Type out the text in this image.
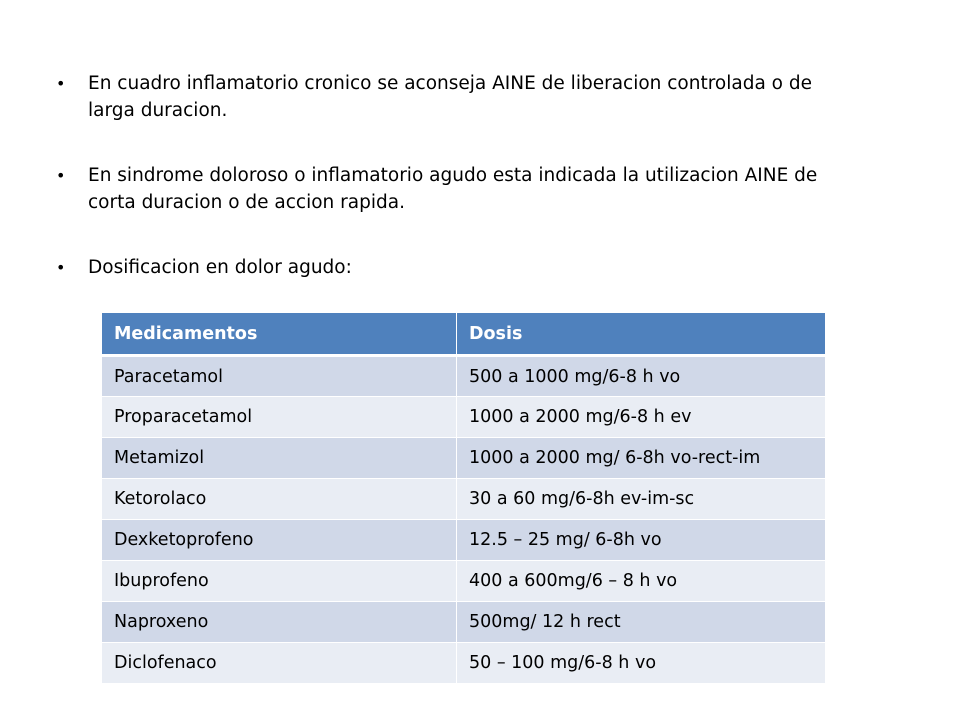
• En cuadro inflamatorio cronico se aconseja AINE de liberacion controlada o de larga duracion.
• En sindrome doloroso o inflamatorio agudo esta indicada la utilizacion AINE de corta duracion o de accion rapida.
• Dosificacion en dolor agudo:
Medicamentos	Dosis
Paracetamol	500 a 1000 mg/6-8 h vo
Proparacetamol	1000 a 2000 mg/6-8 h ev
Metamizol	1000 a 2000 mg/ 6-8h vo-rect-im
Ketorolaco	30 a 60 mg/6-8h ev-im-sc
Dexketoprofeno	12.5 – 25 mg/ 6-8h vo
Ibuprofeno	400 a 600mg/6 – 8 h vo
Naproxeno	500mg/ 12 h rect
Diclofenaco	50 – 100 mg/6-8 h vo
